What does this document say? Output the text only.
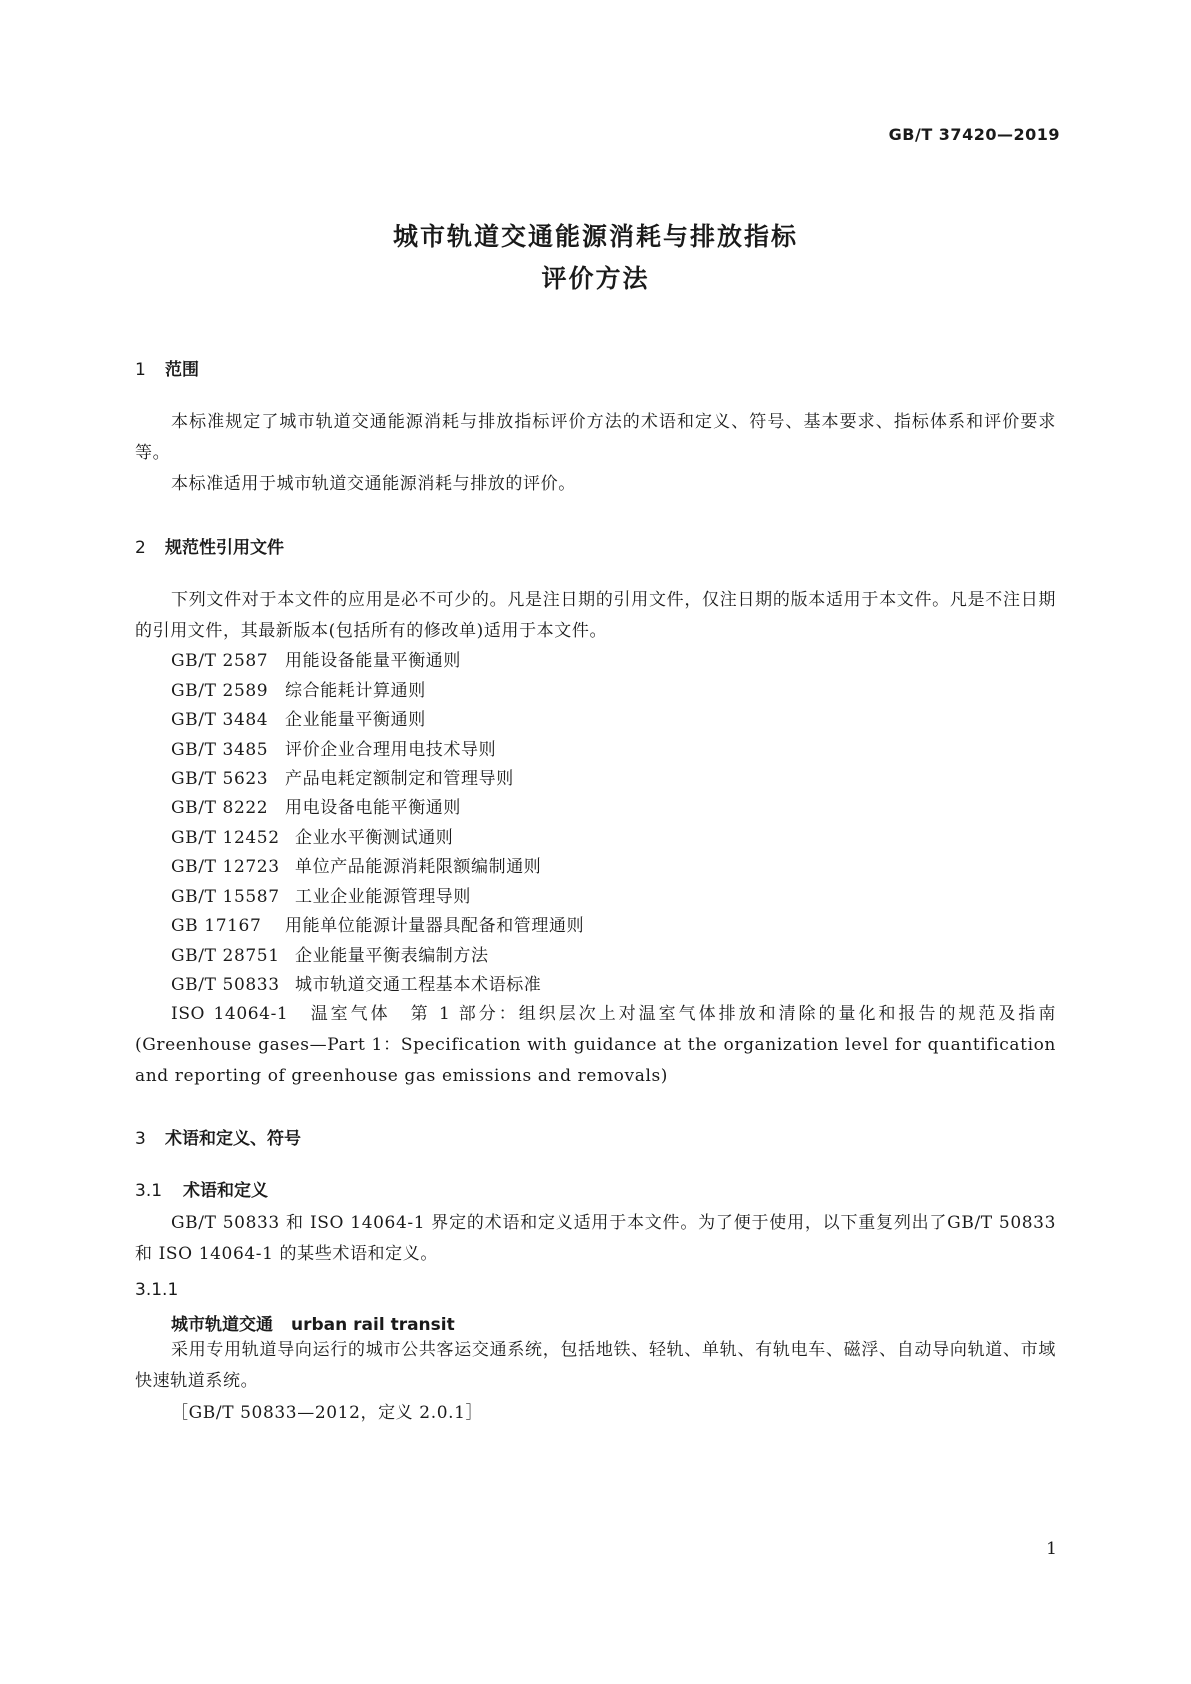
GB/T 37420—2019
城市轨道交通能源消耗与排放指标
评价方法
1 范围

本标准规定了城市轨道交通能源消耗与排放指标评价方法的术语和定义、符号、基本要求、指标体系和评价要求等。

本标准适用于城市轨道交通能源消耗与排放的评价。

2 规范性引用文件

下列文件对于本文件的应用是必不可少的。凡是注日期的引用文件，仅注日期的版本适用于本文件。凡是不注日期的引用文件，其最新版本(包括所有的修改单)适用于本文件。

GB/T 2587 用能设备能量平衡通则
GB/T 2589 综合能耗计算通则
GB/T 3484 企业能量平衡通则
GB/T 3485 评价企业合理用电技术导则
GB/T 5623 产品电耗定额制定和管理导则
GB/T 8222 用电设备电能平衡通则
GB/T 12452 企业水平衡测试通则
GB/T 12723 单位产品能源消耗限额编制通则
GB/T 15587 工业企业能源管理导则
GB 17167 用能单位能源计量器具配备和管理通则
GB/T 28751 企业能量平衡表编制方法
GB/T 50833 城市轨道交通工程基本术语标准

ISO 14064-1　温室气体　第 1 部分：组织层次上对温室气体排放和清除的量化和报告的规范及指南(Greenhouse gases—Part 1：Specification with guidance at the organization level for quantification and reporting of greenhouse gas emissions and removals)

3 术语和定义、符号
3.1 术语和定义

GB/T 50833 和 ISO 14064-1 界定的术语和定义适用于本文件。为了便于使用，以下重复列出了GB/T 50833 和 ISO 14064-1 的某些术语和定义。

3.1.1
城市轨道交通 urban rail transit

采用专用轨道导向运行的城市公共客运交通系统，包括地铁、轻轨、单轨、有轨电车、磁浮、自动导向轨道、市域快速轨道系统。

［GB/T 50833—2012，定义 2.0.1］
1
